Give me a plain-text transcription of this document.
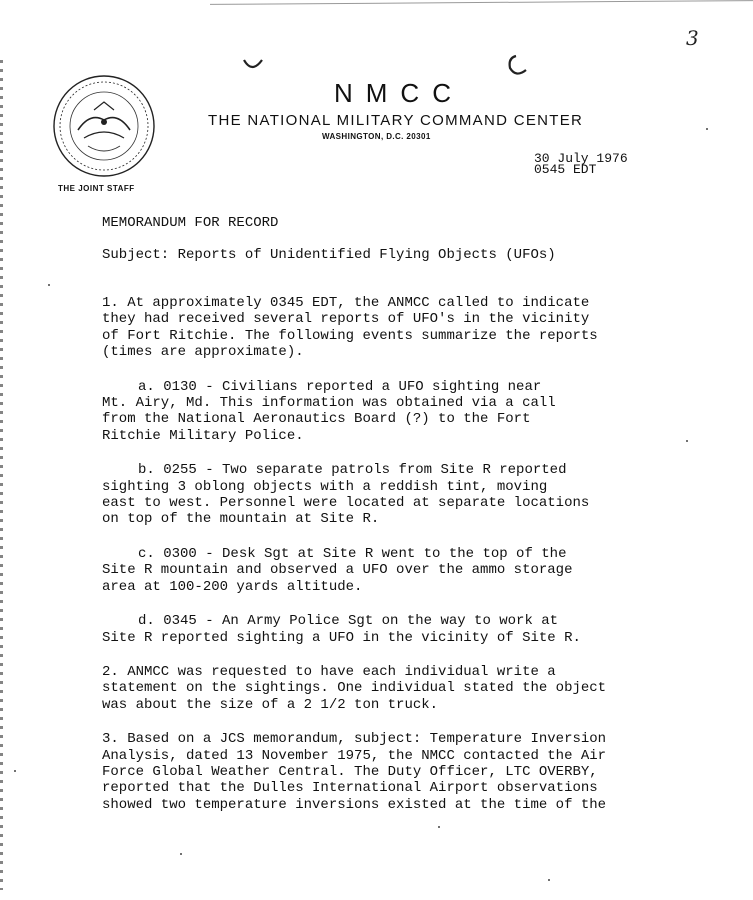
3
THE JOINT STAFF
NMCC
THE NATIONAL MILITARY COMMAND CENTER
WASHINGTON, D.C. 20301
30 July 1976
0545 EDT
MEMORANDUM FOR RECORD
Subject: Reports of Unidentified Flying Objects (UFOs)

1. At approximately 0345 EDT, the ANMCC called to indicate
they had received several reports of UFO's in the vicinity
of Fort Ritchie. The following events summarize the reports
(times are approximate).

a. 0130 - Civilians reported a UFO sighting near
Mt. Airy, Md. This information was obtained via a call
from the National Aeronautics Board (?) to the Fort
Ritchie Military Police.

b. 0255 - Two separate patrols from Site R reported
sighting 3 oblong objects with a reddish tint, moving
east to west. Personnel were located at separate locations
on top of the mountain at Site R.

c. 0300 - Desk Sgt at Site R went to the top of the
Site R mountain and observed a UFO over the ammo storage
area at 100-200 yards altitude.

d. 0345 - An Army Police Sgt on the way to work at
Site R reported sighting a UFO in the vicinity of Site R.

2. ANMCC was requested to have each individual write a
statement on the sightings. One individual stated the object
was about the size of a 2 1/2 ton truck.

3. Based on a JCS memorandum, subject: Temperature Inversion
Analysis, dated 13 November 1975, the NMCC contacted the Air
Force Global Weather Central. The Duty Officer, LTC OVERBY,
reported that the Dulles International Airport observations
showed two temperature inversions existed at the time of the
